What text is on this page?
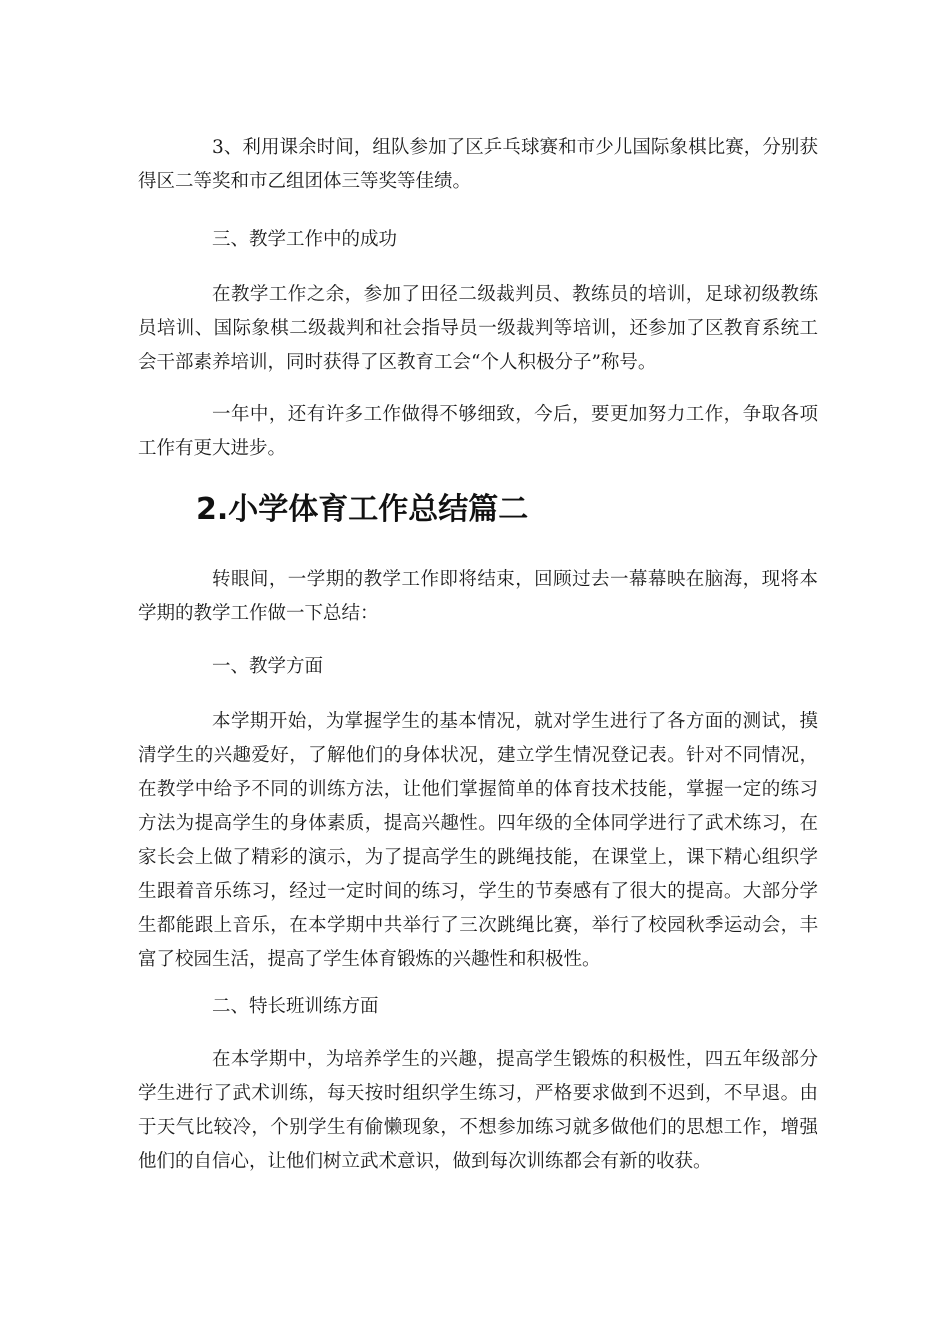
3、利用课余时间，组队参加了区乒乓球赛和市少儿国际象棋比赛，分别获得区二等奖和市乙组团体三等奖等佳绩。

三、教学工作中的成功

在教学工作之余，参加了田径二级裁判员、教练员的培训，足球初级教练员培训、国际象棋二级裁判和社会指导员一级裁判等培训，还参加了区教育系统工会干部素养培训，同时获得了区教育工会“个人积极分子”称号。

一年中，还有许多工作做得不够细致，今后，要更加努力工作，争取各项工作有更大进步。

2.小学体育工作总结篇二

转眼间，一学期的教学工作即将结束，回顾过去一幕幕映在脑海，现将本学期的教学工作做一下总结：

一、教学方面

本学期开始，为掌握学生的基本情况，就对学生进行了各方面的测试，摸清学生的兴趣爱好，了解他们的身体状况，建立学生情况登记表。针对不同情况，在教学中给予不同的训练方法，让他们掌握简单的体育技术技能，掌握一定的练习方法为提高学生的身体素质，提高兴趣性。四年级的全体同学进行了武术练习，在家长会上做了精彩的演示，为了提高学生的跳绳技能，在课堂上，课下精心组织学生跟着音乐练习，经过一定时间的练习，学生的节奏感有了很大的提高。大部分学生都能跟上音乐，在本学期中共举行了三次跳绳比赛，举行了校园秋季运动会，丰富了校园生活，提高了学生体育锻炼的兴趣性和积极性。

二、特长班训练方面

在本学期中，为培养学生的兴趣，提高学生锻炼的积极性，四五年级部分学生进行了武术训练，每天按时组织学生练习，严格要求做到不迟到，不早退。由于天气比较冷，个别学生有偷懒现象，不想参加练习就多做他们的思想工作，增强他们的自信心，让他们树立武术意识，做到每次训练都会有新的收获。
